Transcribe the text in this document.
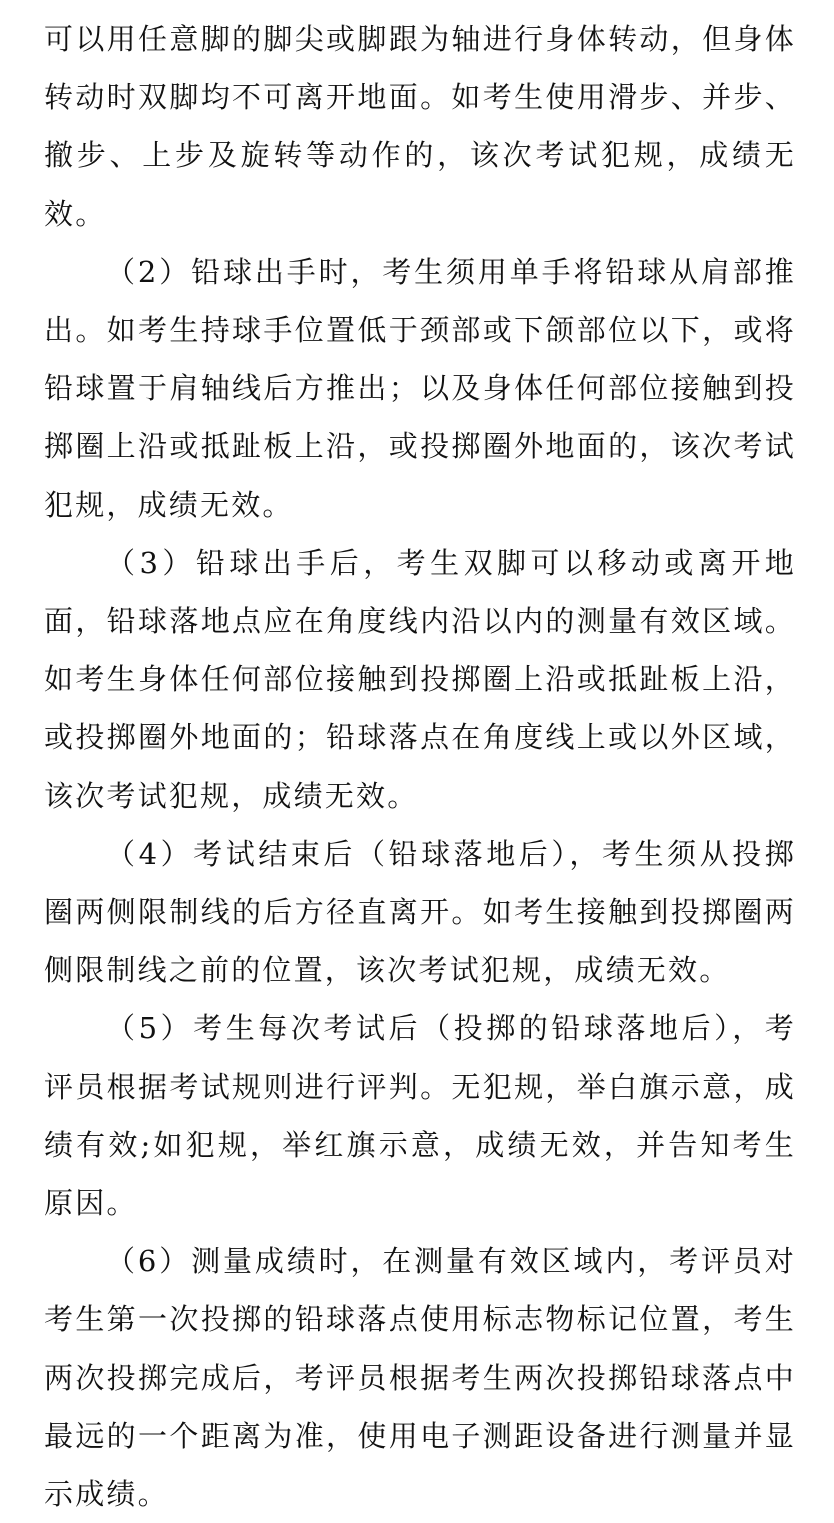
可以用任意脚的脚尖或脚跟为轴进行身体转动，但身体转动时双脚均不可离开地面。如考生使用滑步、并步、撤步、上步及旋转等动作的，该次考试犯规，成绩无效。

（2）铅球出手时，考生须用单手将铅球从肩部推出。如考生持球手位置低于颈部或下颌部位以下，或将铅球置于肩轴线后方推出；以及身体任何部位接触到投掷圈上沿或抵趾板上沿，或投掷圈外地面的，该次考试犯规，成绩无效。

（3）铅球出手后，考生双脚可以移动或离开地面，铅球落地点应在角度线内沿以内的测量有效区域。如考生身体任何部位接触到投掷圈上沿或抵趾板上沿，或投掷圈外地面的；铅球落点在角度线上或以外区域，该次考试犯规，成绩无效。

（4）考试结束后（铅球落地后），考生须从投掷圈两侧限制线的后方径直离开。如考生接触到投掷圈两侧限制线之前的位置，该次考试犯规，成绩无效。

（5）考生每次考试后（投掷的铅球落地后），考评员根据考试规则进行评判。无犯规，举白旗示意，成绩有效;如犯规，举红旗示意，成绩无效，并告知考生原因。

（6）测量成绩时，在测量有效区域内，考评员对考生第一次投掷的铅球落点使用标志物标记位置，考生两次投掷完成后，考评员根据考生两次投掷铅球落点中最远的一个距离为准，使用电子测距设备进行测量并显示成绩。
